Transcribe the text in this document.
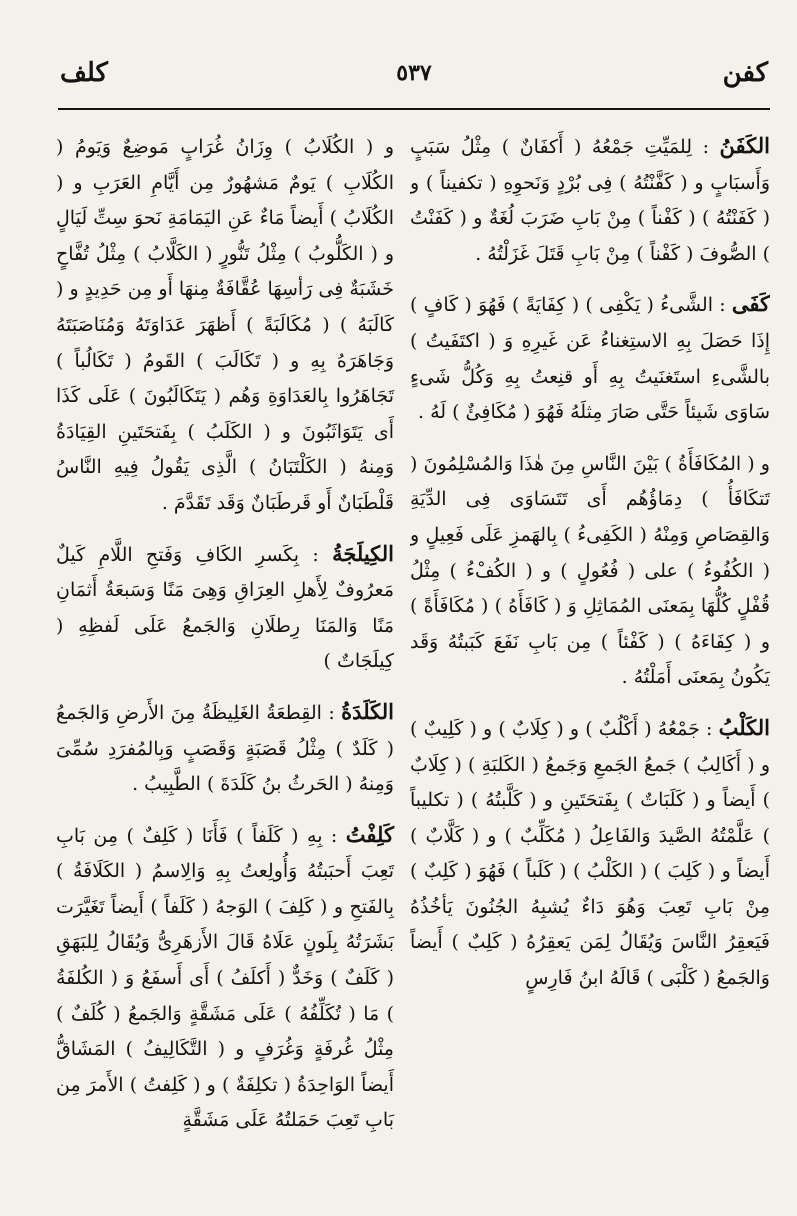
كفن
٥٣٧
كلف

الكَفَنُ : لِلمَيِّتِ جَمْعُهُ ( أَكفَانٌ ) مِثْلُ سَبَبٍ وَأَسبَابٍ و ( كَفَّنْتُهُ ) فِى بُرْدٍ وَنَحوِهِ ( تكفيناً ) و ( كَفَنْتُهُ ) ( كَفْناً ) مِنْ بَابِ ضَرَبَ لُغَةٌ و ( كَفَنْتُ ) الصُّوفَ ( كَفْناً ) مِنْ بَابِ قَتَلَ غَزَلْتُهُ .

كَفَى : الشَّىءُ ( يَكْفِى ) ( كِفَايَةً ) فَهُوَ ( كَافٍ ) إِذَا حَصَلَ بِهِ الاستِغناءُ عَن غَيرِهِ وَ ( اكتَفَيتُ ) بالشَّىءِ استَغنَيتُ بِهِ أَو قنِعتُ بِهِ وَكُلُّ شَىءٍ سَاوَى شَيئاً حَتَّى صَارَ مِثلَهُ فَهُوَ ( مُكَافِئٌ ) لَهُ .

و ( المُكَافَأَةُ ) بَيْنَ النَّاسِ مِنَ هٰذَا وَالمُسْلِمُونَ ( تَتكَافَأُ ) دِمَاؤُهُم أَى تَتَسَاوَى فِى الدِّيَةِ وَالقِصَاصِ وَمِنْهُ ( الكَفِىءُ ) بِالهَمزِ عَلَى فَعِيلٍ و ( الكُفُوءُ ) على ( فُعُولٍ ) و ( الكُفْءُ ) مِثْلُ قُفْلٍ كُلُّهَا بِمَعنَى المُمَاثِلِ وَ ( كَافَأَهُ ) ( مُكَافَأَةً ) و ( كِفَاءَهُ ) ( كَفْئاً ) مِن بَابِ نَفَعَ كَبَبتُهُ وَقَد يَكُونُ بِمَعنَى أَمَلْتُهُ .

الكَلْبُ : جَمْعُهُ ( أَكْلُبٌ ) و ( كِلَابٌ ) و ( كَلِيبٌ ) و ( أَكَالِبُ ) جَمعُ الجَمعِ وَجَمعُ ( الكَلبَةِ ) ( كِلَابٌ ) أَيضاً و ( كَلَبَاتٌ ) بِفَتحَتَينِ و ( كَلَّبتُهُ ) ( تكليباً ) عَلَّمْتُهُ الصَّيدَ وَالفَاعِلُ ( مُكَلِّبٌ ) و ( كَلَّابٌ ) أَيضاً و ( كَلِبَ ) ( الكَلْبُ ) ( كَلَباً ) فَهُوَ ( كَلِبٌ ) مِنْ بَابِ تَعِبَ وَهُوَ دَاءٌ يُشبِهُ الجُنُونَ يَأخُذُهُ فَيَعقِرُ النَّاسَ وَيُقَالُ لِمَن يَعقِرُهُ ( كَلِبٌ ) أَيضاً وَالجَمعُ ( كَلْبَى ) قَالَهُ ابنُ فَارِسٍ

و ( الكُلَابُ ) وِزَانُ غُرَابٍ مَوضِعٌ وَيَومُ ( الكُلَابِ ) يَومٌ مَشهُورٌ مِن أَيَّامِ العَرَبِ و ( الكُلَابُ ) أَيضاً مَاءٌ عَنِ اليَمَامَةِ نَحوَ سِتِّ لَيَالٍ و ( الكَلُّوبُ ) مِثْلُ تَنُّورٍ ( الكَلَّابُ ) مِثْلُ تُفَّاحٍ خَشَبَةٌ فِى رَأسِهَا عُقَّافَةٌ مِنهَا أَو مِن حَدِيدٍ و ( كَالَبَهُ ) ( مُكَالَبَةً ) أَظهَرَ عَدَاوَتَهُ وَمُنَاصَبَتَهُ وَجَاهَرَهُ بِهِ و ( تَكَالَبَ ) القَومُ ( تَكَالُباً ) تَجَاهَرُوا بِالعَدَاوَةِ وَهُم ( يَتَكَالَبُونَ ) عَلَى كَذَا أَى يَتَوَاثَبُونَ و ( الكَلَبُ ) بِفَتحَتَينِ القِيَادَةُ وَمِنهُ ( الكَلْتَبَانُ ) الَّذِى يَقُولُ فِيهِ النَّاسُ قَلْطَبَانٌ أَو قَرطَبَانٌ وَقَد تَقَدَّمَ .

الكِيلَجَةُ : بِكَسرِ الكَافِ وَفَتحِ اللَّامِ كَيلٌ مَعرُوفٌ لِأَهلِ العِرَاقِ وَهِىَ مَنًا وَسَبعَةُ أَثمَانِ مَنًا وَالمَنَا رِطلَانِ وَالجَمعُ عَلَى لَفظِهِ ( كِيلَجَاتٌ )

الكَلَدَةُ : القِطعَةُ الغَلِيظَةُ مِنَ الأَرضِ وَالجَمعُ ( كَلَدٌ ) مِثْلُ قَصَبَةٍ وَقَصَبٍ وَبِالمُفرَدِ سُمِّىَ وَمِنهُ ( الحَرثُ بنُ كَلَدَةَ ) الطَّبِيبُ .

كَلِفْتُ : بِهِ ( كَلَفاً ) فَأَنَا ( كَلِفٌ ) مِن بَابِ تَعِبَ أَحبَبتُهُ وَأُولِعتُ بِهِ وَالِاسمُ ( الكَلَافَةُ ) بِالفَتحِ و ( كَلِفَ ) الوَجهُ ( كَلَفاً ) أَيضاً تَغَيَّرَت بَشَرَتُهُ بِلَونٍ عَلَاهُ قَالَ الأَزهَرِىُّ وَيُقَالُ لِلبَهَقِ ( كَلَفٌ ) وَخَدٌّ ( أَكلَفُ ) أَى أَسفَعُ وَ ( الكُلفَةُ ) مَا ( تُكَلِّفُهُ ) عَلَى مَشَقَّةٍ وَالجَمعُ ( كُلَفٌ ) مِثْلُ غُرفَةٍ وَغُرَفٍ و ( التَّكَالِيفُ ) المَشَاقُّ أَيضاً الوَاحِدَةُ ( تكلِفَةٌ ) و ( كَلِفتُ ) الأَمرَ مِن بَابِ تَعِبَ حَمَلتُهُ عَلَى مَشَقَّةٍ
